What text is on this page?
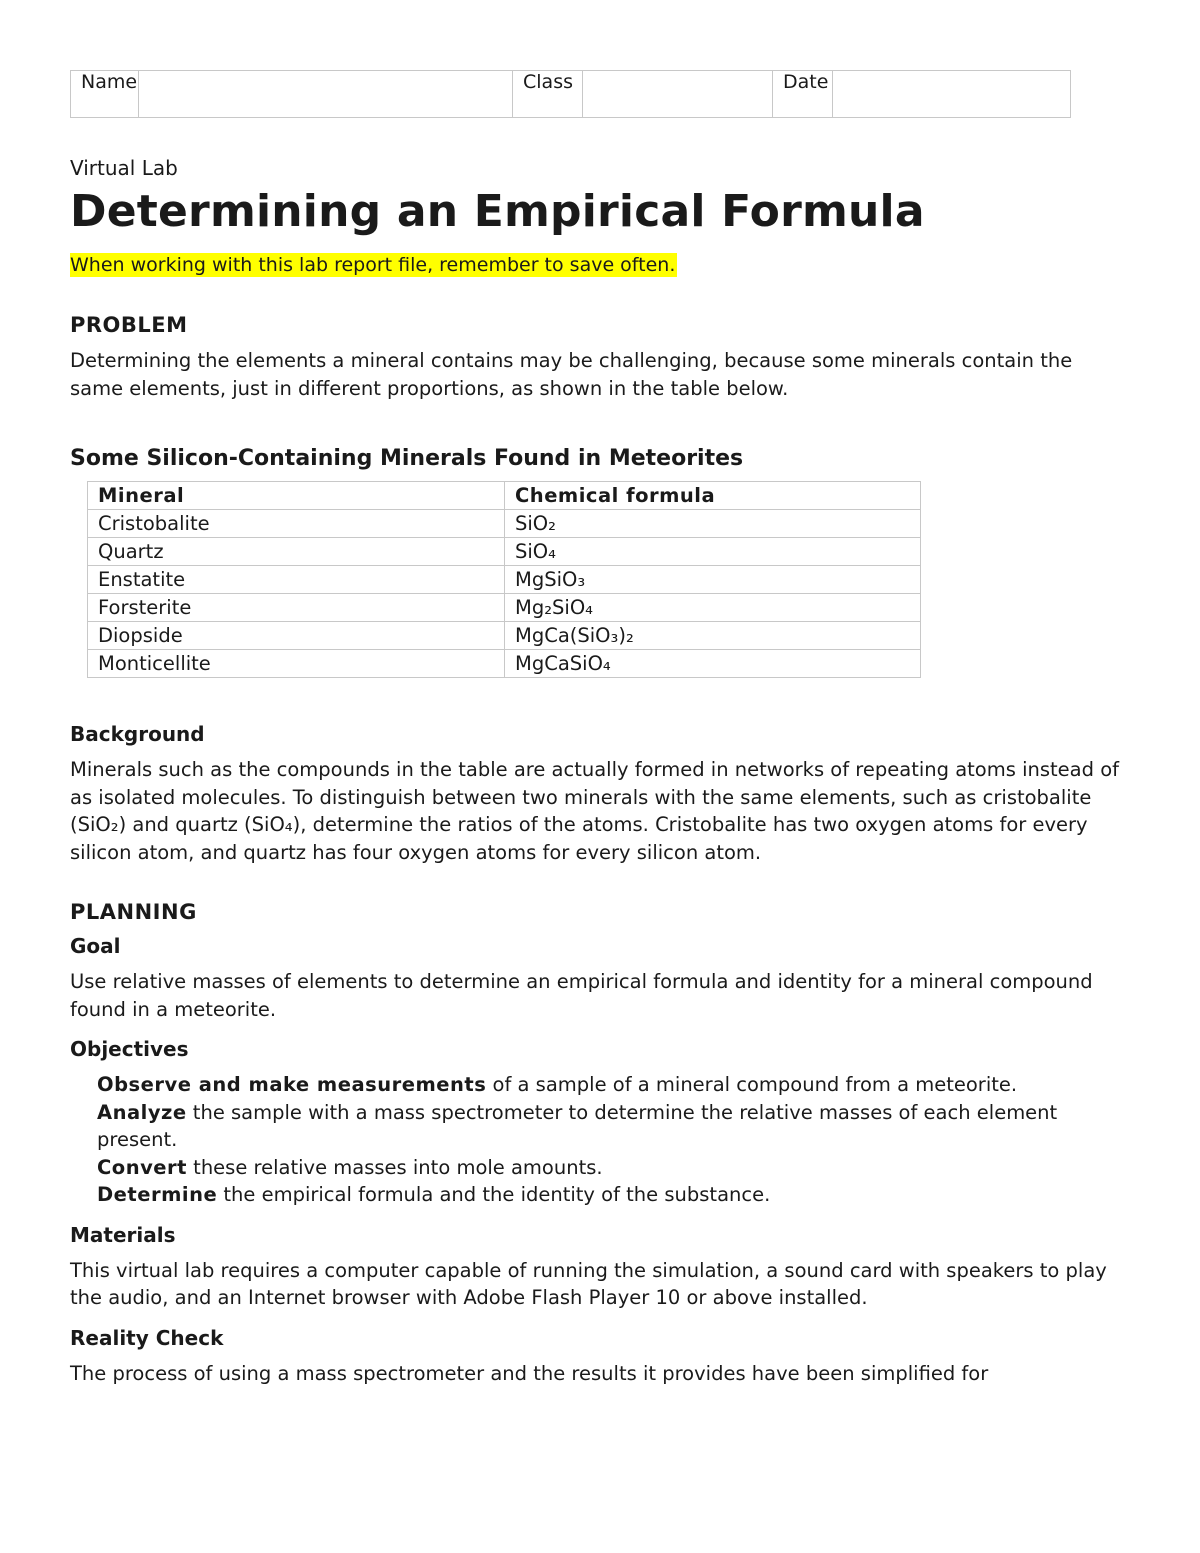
Name		Class		Date	
Virtual Lab
Determining an Empirical Formula
When working with this lab report file, remember to save often.
PROBLEM

Determining the elements a mineral contains may be challenging, because some minerals contain the same elements, just in different proportions, as shown in the table below.

Some Silicon-Containing Minerals Found in Meteorites
Mineral	Chemical formula
Cristobalite	SiO₂
Quartz	SiO₄
Enstatite	MgSiO₃
Forsterite	Mg₂SiO₄
Diopside	MgCa(SiO₃)₂
Monticellite	MgCaSiO₄
Background

Minerals such as the compounds in the table are actually formed in networks of repeating atoms instead of as isolated molecules. To distinguish between two minerals with the same elements, such as cristobalite (SiO₂) and quartz (SiO₄), determine the ratios of the atoms. Cristobalite has two oxygen atoms for every silicon atom, and quartz has four oxygen atoms for every silicon atom.

PLANNING
Goal

Use relative masses of elements to determine an empirical formula and identity for a mineral compound found in a meteorite.

Objectives
Observe and make measurements of a sample of a mineral compound from a meteorite.
Analyze the sample with a mass spectrometer to determine the relative masses of each element present.
Convert these relative masses into mole amounts.
Determine the empirical formula and the identity of the substance.
Materials

This virtual lab requires a computer capable of running the simulation, a sound card with speakers to play the audio, and an Internet browser with Adobe Flash Player 10 or above installed.

Reality Check

The process of using a mass spectrometer and the results it provides have been simplified for
